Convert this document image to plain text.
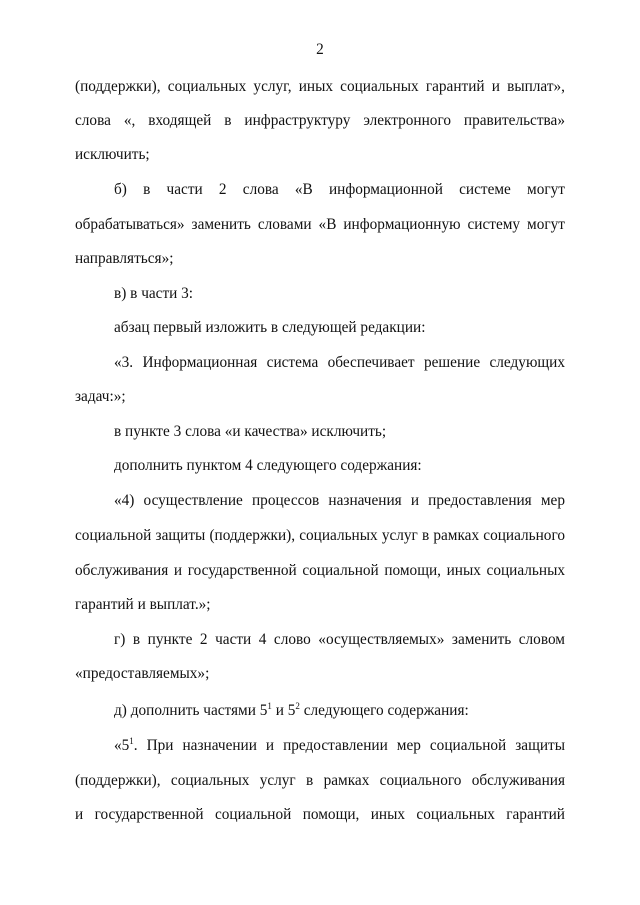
2
(поддержки), социальных услуг, иных социальных гарантий и выплат»,
слова «, входящей в инфраструктуру электронного правительства»
исключить;
б) в части 2 слова «В информационной системе могут
обрабатываться» заменить словами «В информационную систему могут
направляться»;
в) в части 3:
абзац первый изложить в следующей редакции:
«3. Информационная система обеспечивает решение следующих
задач:»;
в пункте 3 слова «и качества» исключить;
дополнить пунктом 4 следующего содержания:
«4) осуществление процессов назначения и предоставления мер
социальной защиты (поддержки), социальных услуг в рамках социального
обслуживания и государственной социальной помощи, иных социальных
гарантий и выплат.»;
г) в пункте 2 части 4 слово «осуществляемых» заменить словом
«предоставляемых»;
д) дополнить частями $5^1$ и $5^2$ следующего содержания:
«$5^1$. При назначении и предоставлении мер социальной защиты
(поддержки), социальных услуг в рамках социального обслуживания
и государственной социальной помощи, иных социальных гарантий
